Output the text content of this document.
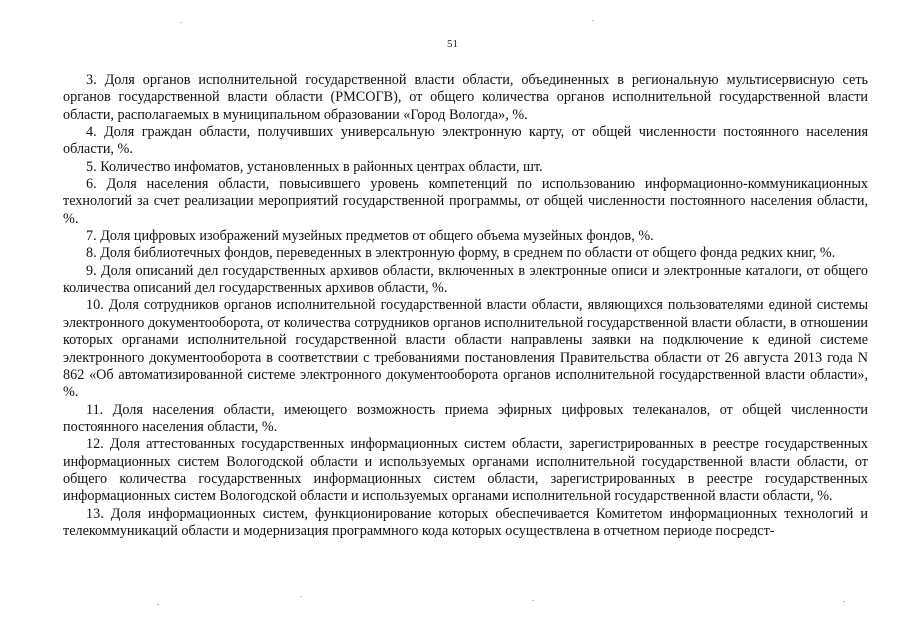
51

3. Доля органов исполнительной государственной власти области, объединенных в региональную мультисервисную сеть органов государственной власти области (РМСОГВ), от общего количества органов исполнительной государственной власти области, располагаемых в муниципальном образовании «Город Вологда», %.

4. Доля граждан области, получивших универсальную электронную карту, от общей численности постоянного населения области, %.

5. Количество инфоматов, установленных в районных центрах области, шт.

6. Доля населения области, повысившего уровень компетенций по использованию информационно-коммуникационных технологий за счет реализации мероприятий государственной программы, от общей численности постоянного населения области, %.

7. Доля цифровых изображений музейных предметов от общего объема музейных фондов, %.

8. Доля библиотечных фондов, переведенных в электронную форму, в среднем по области от общего фонда редких книг, %.

9. Доля описаний дел государственных архивов области, включенных в электронные описи и электронные каталоги, от общего количества описаний дел государственных архивов области, %.

10. Доля сотрудников органов исполнительной государственной власти области, являющихся пользователями единой системы электронного документооборота, от количества сотрудников органов исполнительной государственной власти области, в отношении которых органами исполнительной государственной власти области направлены заявки на подключение к единой системе электронного документооборота в соответствии с требованиями постановления Правительства области от 26 августа 2013 года N 862 «Об автоматизированной системе электронного документооборота органов исполнительной государственной власти области», %.

11. Доля населения области, имеющего возможность приема эфирных цифровых телеканалов, от общей численности постоянного населения области, %.

12. Доля аттестованных государственных информационных систем области, зарегистрированных в реестре государственных информационных систем Вологодской области и используемых органами исполнительной государственной власти области, от общего количества государственных информационных систем области, зарегистрированных в реестре государственных информационных систем Вологодской области и используемых органами исполнительной государственной власти области, %.

13. Доля информационных систем, функционирование которых обеспечивается Комитетом информационных технологий и телекоммуникаций области и модернизация программного кода которых осуществлена в отчетном периоде посредст-
